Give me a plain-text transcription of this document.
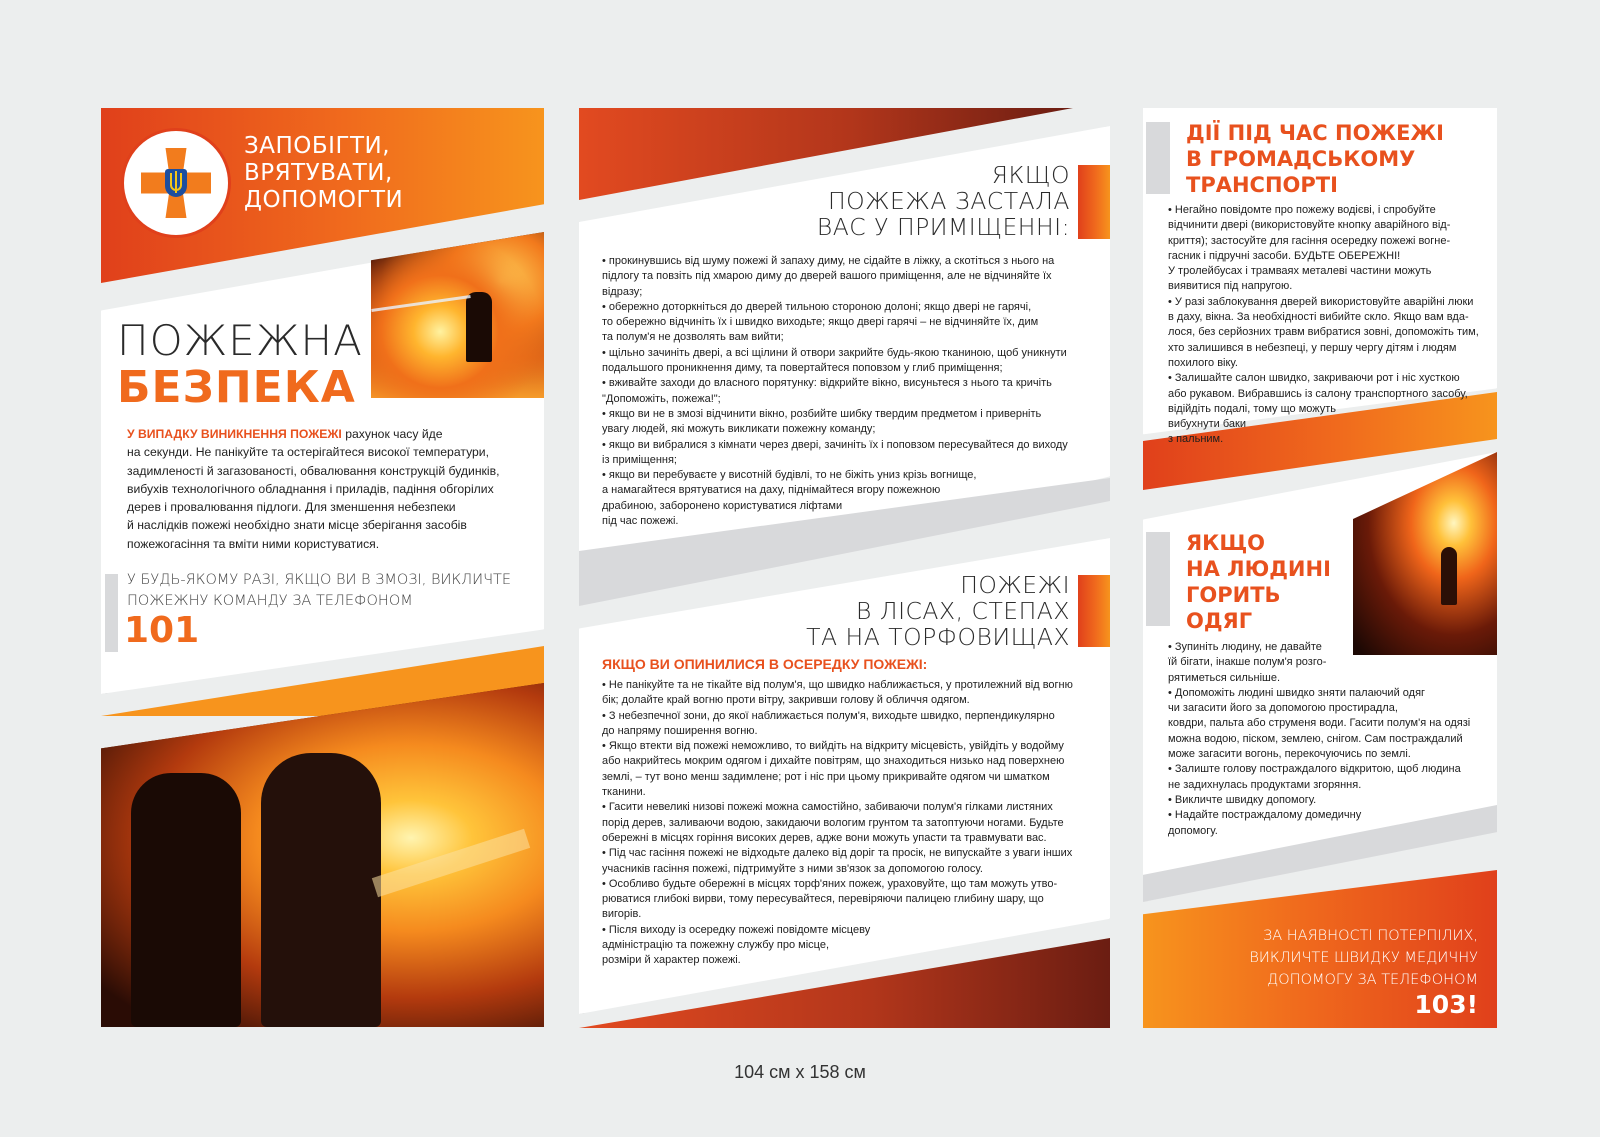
ЗАПОБІГТИ,
ВРЯТУВАТИ,
ДОПОМОГТИ
ПОЖЕЖНА
БЕЗПЕКА
У ВИПАДКУ ВИНИКНЕННЯ ПОЖЕЖІ рахунок часу йде
на секунди. Не панікуйте та остерігайтеся високої температури,
задимленості й загазованості, обвалювання конструкцій будинків,
вибухів технологічного обладнання і приладів, падіння обгорілих
дерев і провалювання підлоги. Для зменшення небезпеки
й наслідків пожежі необхідно знати місце зберігання засобів
пожежогасіння та вміти ними користуватися.
У БУДЬ-ЯКОМУ РАЗІ, ЯКЩО ВИ В ЗМОЗІ, ВИКЛИЧТЕ
ПОЖЕЖНУ КОМАНДУ ЗА ТЕЛЕФОНОМ
101
ЯКЩО
ПОЖЕЖА ЗАСТАЛА
ВАС У ПРИМІЩЕННІ:

• прокинувшись від шуму пожежі й запаху диму, не сідайте в ліжку, а скотіться з нього на

підлогу та повзіть під хмарою диму до дверей вашого приміщення, але не відчиняйте їх

відразу;

• обережно доторкніться до дверей тильною стороною долоні; якщо двері не гарячі,

то обережно відчиніть їх і швидко виходьте; якщо двері гарячі – не відчиняйте їх, дим

та полум'я не дозволять вам вийти;

• щільно зачиніть двері, а всі щілини й отвори закрийте будь-якою тканиною, щоб уникнути

подальшого проникнення диму, та повертайтеся поповзом у глиб приміщення;

• вживайте заходи до власного порятунку: відкрийте вікно, висуньтеся з нього та кричіть

"Допоможіть, пожежа!";

• якщо ви не в змозі відчинити вікно, розбийте шибку твердим предметом і приверніть

увагу людей, які можуть викликати пожежну команду;

• якщо ви вибралися з кімнати через двері, зачиніть їх і поповзом пересувайтеся до виходу

із приміщення;

• якщо ви перебуваєте у висотній будівлі, то не біжіть униз крізь вогнище,

а намагайтеся врятуватися на даху, піднімайтеся вгору пожежною

драбиною, заборонено користуватися ліфтами

під час пожежі.

ПОЖЕЖІ
В ЛІСАХ, СТЕПАХ
ТА НА ТОРФОВИЩАХ
ЯКЩО ВИ ОПИНИЛИСЯ В ОСЕРЕДКУ ПОЖЕЖІ:

• Не панікуйте та не тікайте від полум'я, що швидко наближається, у протилежний від вогню

бік; долайте край вогню проти вітру, закривши голову й обличчя одягом.

• З небезпечної зони, до якої наближається полум'я, виходьте швидко, перпендикулярно

до напряму поширення вогню.

• Якщо втекти від пожежі неможливо, то вийдіть на відкриту місцевість, увійдіть у водойму

або накрийтесь мокрим одягом і дихайте повітрям, що знаходиться низько над поверхнею

землі, – тут воно менш задимлене; рот і ніс при цьому прикривайте одягом чи шматком

тканини.

• Гасити невеликі низові пожежі можна самостійно, забиваючи полум'я гілками листяних

порід дерев, заливаючи водою, закидаючи вологим грунтом та затоптуючи ногами. Будьте

обережні в місцях горіння високих дерев, адже вони можуть упасти та травмувати вас.

• Під час гасіння пожежі не відходьте далеко від доріг та просік, не випускайте з уваги інших

учасників гасіння пожежі, підтримуйте з ними зв'язок за допомогою голосу.

• Особливо будьте обережні в місцях торф'яних пожеж, ураховуйте, що там можуть утво-

рюватися глибокі вирви, тому пересувайтеся, перевіряючи палицею глибину шару, що

вигорів.

• Після виходу із осередку пожежі повідомте місцеву

адміністрацію та пожежну службу про місце,

розміри й характер пожежі.

ДІЇ ПІД ЧАС ПОЖЕЖІ
В ГРОМАДСЬКОМУ
ТРАНСПОРТІ

• Негайно повідомте про пожежу водієві, і спробуйте

відчинити двері (використовуйте кнопку аварійного від-

криття); застосуйте для гасіння осередку пожежі вогне-

гасник і підручні засоби. БУДЬТЕ ОБЕРЕЖНІ!

У тролейбусах і трамваях металеві частини можуть

виявитися під напругою.

• У разі заблокування дверей використовуйте аварійні люки

в даху, вікна. За необхідності вибийте скло. Якщо вам вда-

лося, без серйозних травм вибратися зовні, допоможіть тим,

хто залишився в небезпеці, у першу чергу дітям і людям

похилого віку.

• Залишайте салон швидко, закриваючи рот і ніс хусткою

або рукавом. Вибравшись із салону транспортного засобу,

відійдіть подалі, тому що можуть

вибухнути баки

з пальним.

ЯКЩО
НА ЛЮДИНІ
ГОРИТЬ
ОДЯГ

• Зупиніть людину, не давайте

їй бігати, інакше полум'я розго-

рятиметься сильніше.

• Допоможіть людині швидко зняти палаючий одяг

чи загасити його за допомогою простирадла,

ковдри, пальта або струменя води. Гасити полум'я на одязі

можна водою, піском, землею, снігом. Сам постраждалий

може загасити вогонь, перекочуючись по землі.

• Залиште голову постраждалого відкритою, щоб людина

не задихнулась продуктами згоряння.

• Викличте швидку допомогу.

• Надайте постраждалому домедичну

допомогу.

ЗА НАЯВНОСТІ ПОТЕРПІЛИХ,
ВИКЛИЧТЕ ШВИДКУ МЕДИЧНУ
ДОПОМОГУ ЗА ТЕЛЕФОНОМ
103!
104 см х 158 см
